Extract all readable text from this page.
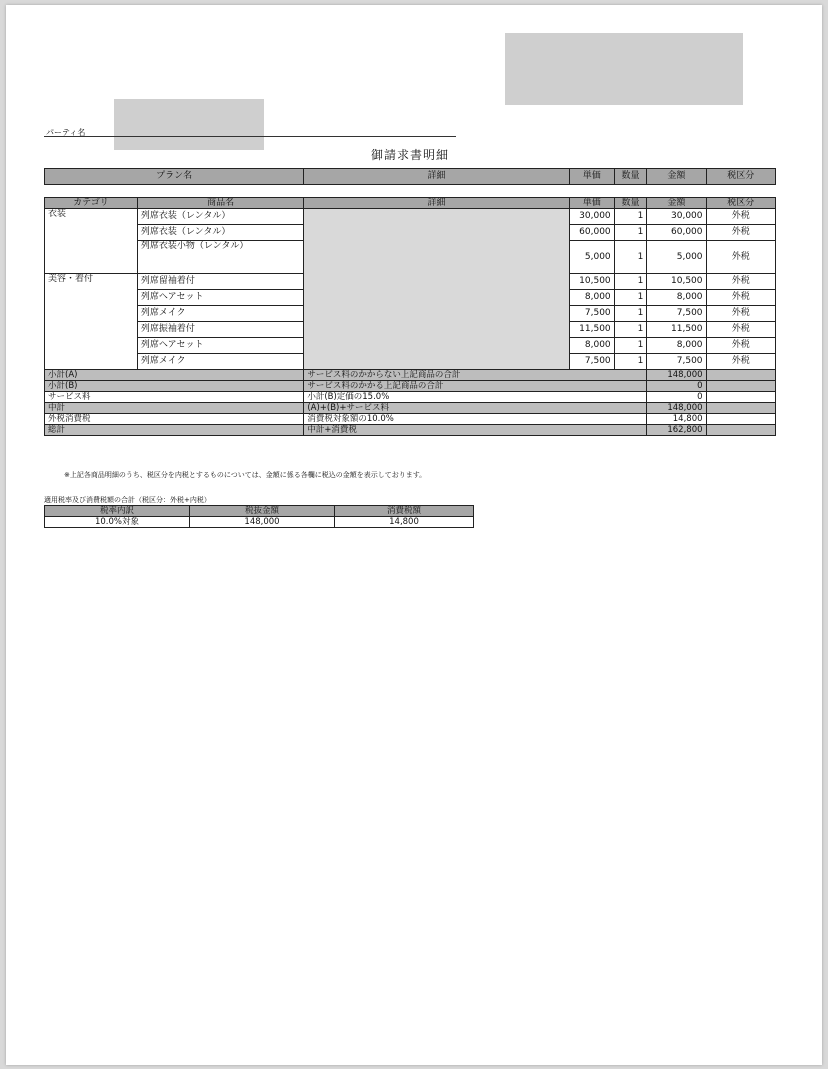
パーティ名
御請求書明細
プラン名	詳細	単価	数量	金額	税区分
カテゴリ	商品名	詳細	単価	数量	金額	税区分
衣装	列席衣装（レンタル）		30,000	1	30,000	外税
	列席衣装（レンタル）		60,000	1	60,000	外税
	列席衣装小物（レンタル）		5,000	1	5,000	外税
美容・着付	列席留袖着付		10,500	1	10,500	外税
	列席ヘアセット		8,000	1	8,000	外税
	列席メイク		7,500	1	7,500	外税
	列席振袖着付		11,500	1	11,500	外税
	列席ヘアセット		8,000	1	8,000	外税
	列席メイク		7,500	1	7,500	外税
小計(A)		サービス料のかからない上記商品の合計			148,000	
小計(B)		サービス料のかかる上記商品の合計			0	
サービス料		小計(B)定価の15.0%			0	
中計		(A)+(B)+サービス料			148,000	
外税消費税		消費税対象額の10.0%			14,800	
総計		中計+消費税			162,800	
※上記各商品明細のうち、税区分を内税とするものについては、金額に係る各欄に税込の金額を表示しております。
適用税率及び消費税額の合計（税区分：外税+内税）
税率内訳	税抜金額	消費税額
10.0%対象	148,000	14,800
